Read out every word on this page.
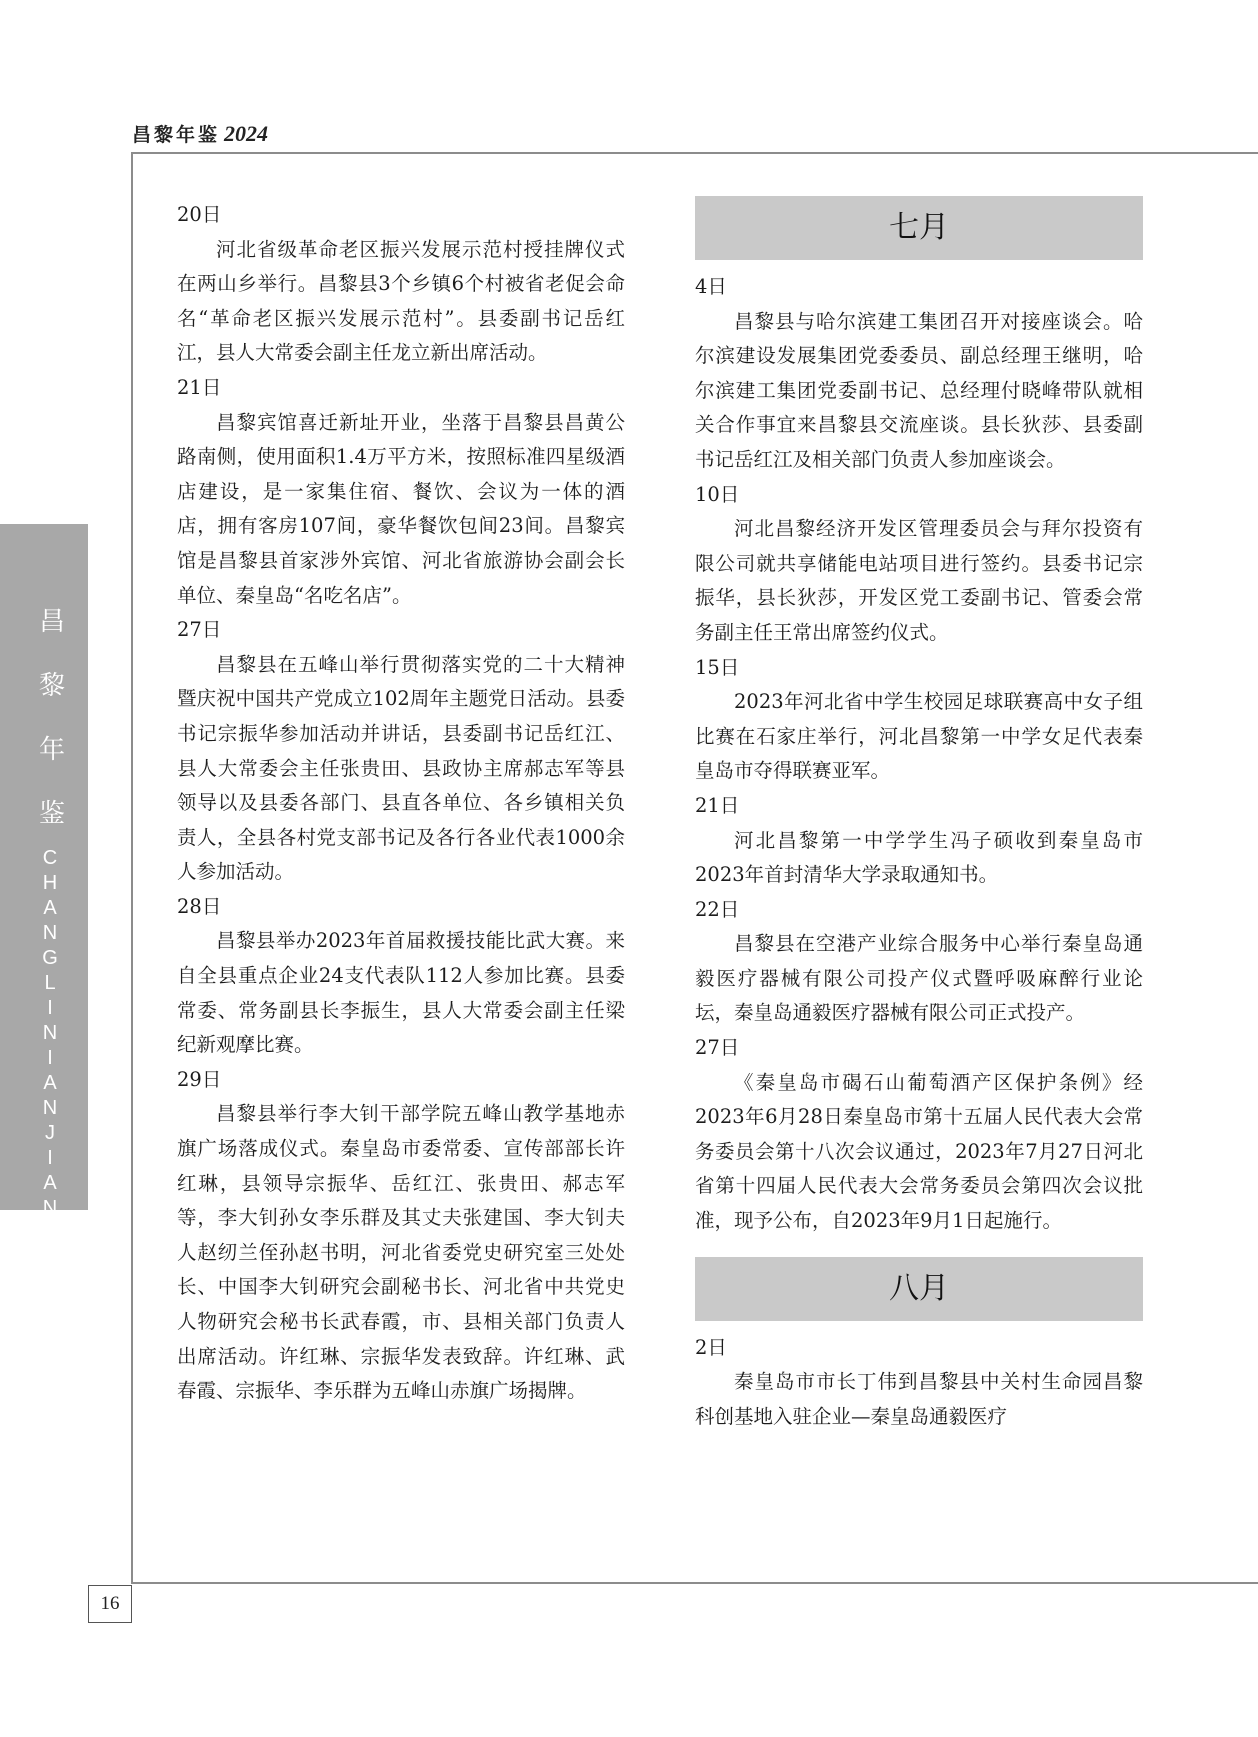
昌黎年鉴 2024
昌
黎
年
鉴
C
H
A
N
G
L
I
N
I
A
N
J
I
A
N
16

20日

河北省级革命老区振兴发展示范村授挂牌仪式在两山乡举行。昌黎县3个乡镇6个村被省老促会命名“革命老区振兴发展示范村”。县委副书记岳红江，县人大常委会副主任龙立新出席活动。

21日

昌黎宾馆喜迁新址开业，坐落于昌黎县昌黄公路南侧，使用面积1.4万平方米，按照标准四星级酒店建设，是一家集住宿、餐饮、会议为一体的酒店，拥有客房107间，豪华餐饮包间23间。昌黎宾馆是昌黎县首家涉外宾馆、河北省旅游协会副会长单位、秦皇岛“名吃名店”。

27日

昌黎县在五峰山举行贯彻落实党的二十大精神暨庆祝中国共产党成立102周年主题党日活动。县委书记宗振华参加活动并讲话，县委副书记岳红江、县人大常委会主任张贵田、县政协主席郝志军等县领导以及县委各部门、县直各单位、各乡镇相关负责人，全县各村党支部书记及各行各业代表1000余人参加活动。

28日

昌黎县举办2023年首届救援技能比武大赛。来自全县重点企业24支代表队112人参加比赛。县委常委、常务副县长李振生，县人大常委会副主任梁纪新观摩比赛。

29日

昌黎县举行李大钊干部学院五峰山教学基地赤旗广场落成仪式。秦皇岛市委常委、宣传部部长许红琳，县领导宗振华、岳红江、张贵田、郝志军等，李大钊孙女李乐群及其丈夫张建国、李大钊夫人赵纫兰侄孙赵书明，河北省委党史研究室三处处长、中国李大钊研究会副秘书长、河北省中共党史人物研究会秘书长武春霞，市、县相关部门负责人出席活动。许红琳、宗振华发表致辞。许红琳、武春霞、宗振华、李乐群为五峰山赤旗广场揭牌。

七月

4日

昌黎县与哈尔滨建工集团召开对接座谈会。哈尔滨建设发展集团党委委员、副总经理王继明，哈尔滨建工集团党委副书记、总经理付晓峰带队就相关合作事宜来昌黎县交流座谈。县长狄莎、县委副书记岳红江及相关部门负责人参加座谈会。

10日

河北昌黎经济开发区管理委员会与拜尔投资有限公司就共享储能电站项目进行签约。县委书记宗振华，县长狄莎，开发区党工委副书记、管委会常务副主任王常出席签约仪式。

15日

2023年河北省中学生校园足球联赛高中女子组比赛在石家庄举行，河北昌黎第一中学女足代表秦皇岛市夺得联赛亚军。

21日

河北昌黎第一中学学生冯子硕收到秦皇岛市2023年首封清华大学录取通知书。

22日

昌黎县在空港产业综合服务中心举行秦皇岛通毅医疗器械有限公司投产仪式暨呼吸麻醉行业论坛，秦皇岛通毅医疗器械有限公司正式投产。

27日

《秦皇岛市碣石山葡萄酒产区保护条例》经2023年6月28日秦皇岛市第十五届人民代表大会常务委员会第十八次会议通过，2023年7月27日河北省第十四届人民代表大会常务委员会第四次会议批准，现予公布，自2023年9月1日起施行。

八月

2日

秦皇岛市市长丁伟到昌黎县中关村生命园昌黎科创基地入驻企业—秦皇岛通毅医疗
